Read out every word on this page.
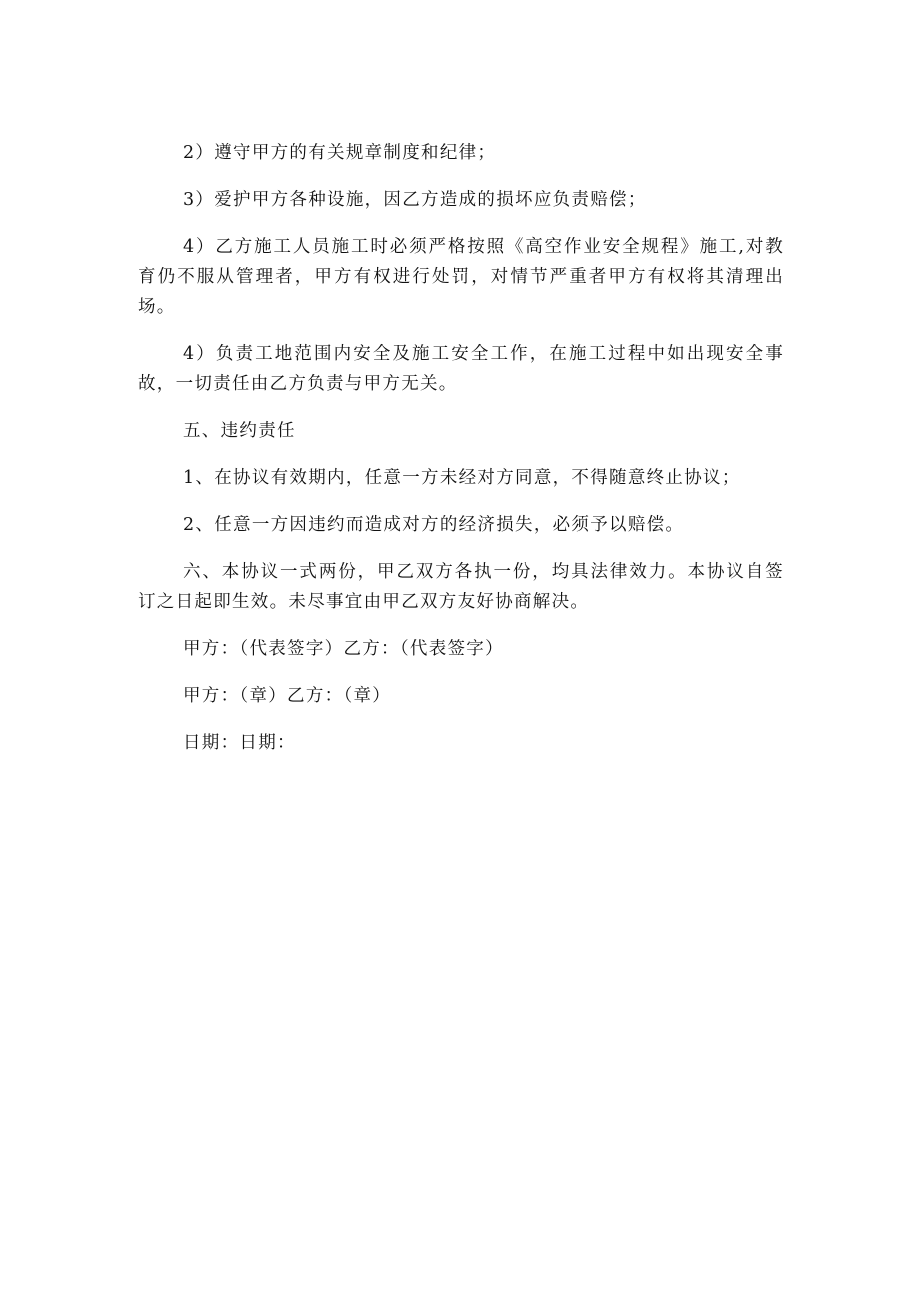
2）遵守甲方的有关规章制度和纪律；

3）爱护甲方各种设施，因乙方造成的损坏应负责赔偿；

4）乙方施工人员施工时必须严格按照《高空作业安全规程》施工,对教育仍不服从管理者，甲方有权进行处罚，对情节严重者甲方有权将其清理出场。

4）负责工地范围内安全及施工安全工作，在施工过程中如出现安全事故，一切责任由乙方负责与甲方无关。

五、违约责任

1、在协议有效期内，任意一方未经对方同意，不得随意终止协议；

2、任意一方因违约而造成对方的经济损失，必须予以赔偿。

六、本协议一式两份，甲乙双方各执一份，均具法律效力。本协议自签订之日起即生效。未尽事宜由甲乙双方友好协商解决。

甲方：（代表签字）乙方：（代表签字）

甲方：（章）乙方：（章）

日期：日期：
